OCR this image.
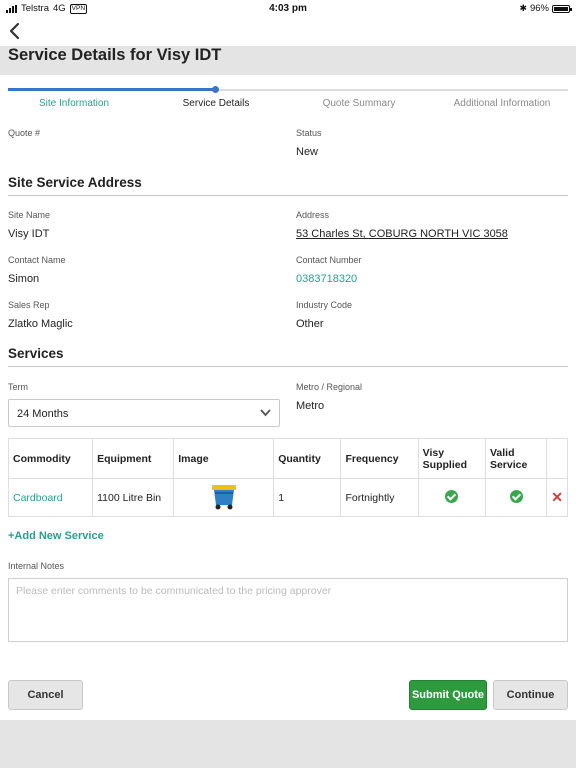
Telstra 4G VPN	4:03 pm	✱ 96%
Service Details for Visy IDT
Site Information	Service Details	Quote Summary	Additional Information
Quote #	Status
New
Site Service Address
Site Name
Visy IDT
Address
53 Charles St, COBURG NORTH VIC 3058
Contact Name
Simon
Contact Number
0383718320
Sales Rep
Zlatko Maglic
Industry Code
Other
Services
Term
24 Months
Metro / Regional
Metro
Commodity	Equipment	Image	Quantity	Frequency	Visy Supplied	Valid Service	
Cardboard	1100 Litre Bin		1	Fortnightly			✕
+Add New Service
Internal Notes
Please enter comments to be communicated to the pricing approver
Cancel	Submit Quote	Continue
